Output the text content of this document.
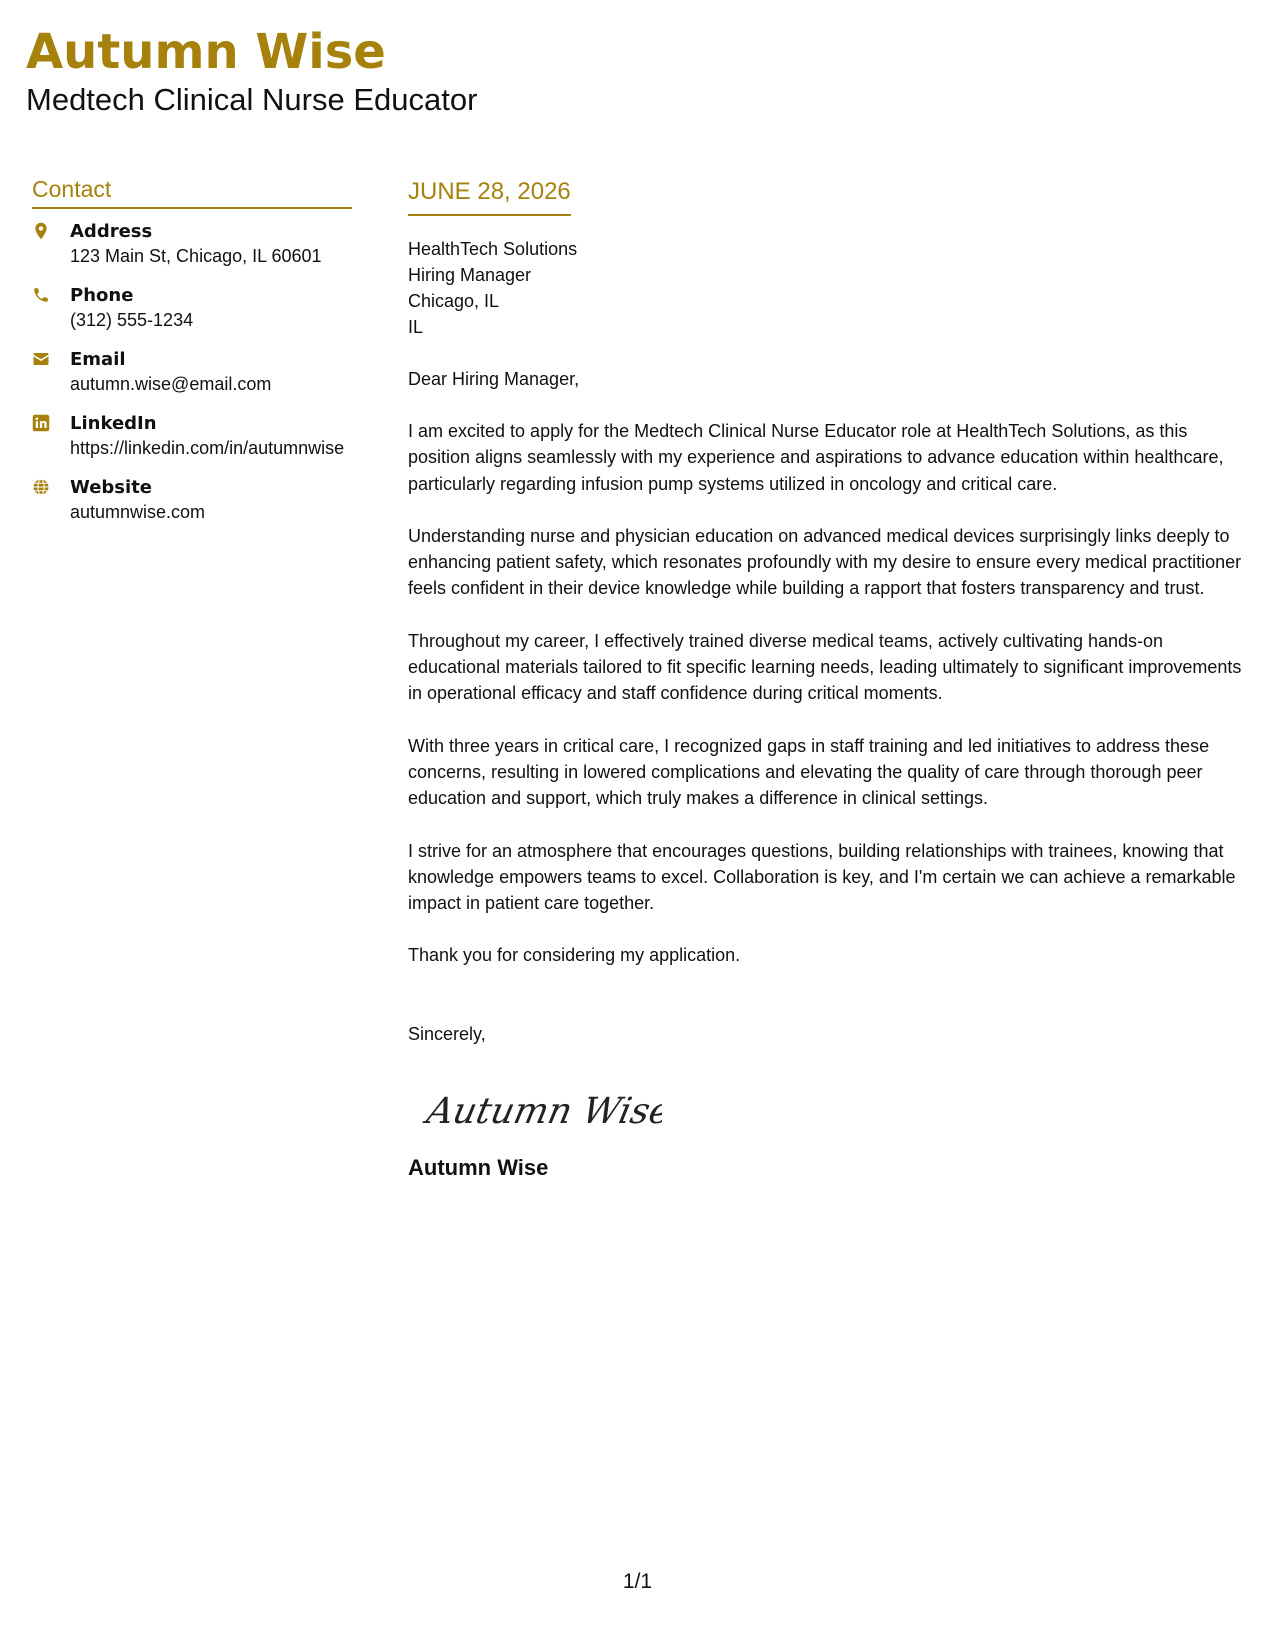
Autumn Wise
Medtech Clinical Nurse Educator
Contact
Address
123 Main St, Chicago, IL 60601
Phone
(312) 555-1234
Email
autumn.wise@email.com
LinkedIn
https://linkedin.com/in/autumnwise
Website
autumnwise.com
JUNE 28, 2026
HealthTech Solutions
Hiring Manager
Chicago, IL
IL
Dear Hiring Manager,
I am excited to apply for the Medtech Clinical Nurse Educator role at HealthTech Solutions, as this position aligns seamlessly with my experience and aspirations to advance education within healthcare, particularly regarding infusion pump systems utilized in oncology and critical care.
Understanding nurse and physician education on advanced medical devices surprisingly links deeply to enhancing patient safety, which resonates profoundly with my desire to ensure every medical practitioner feels confident in their device knowledge while building a rapport that fosters transparency and trust.
Throughout my career, I effectively trained diverse medical teams, actively cultivating hands-on educational materials tailored to fit specific learning needs, leading ultimately to significant improvements in operational efficacy and staff confidence during critical moments.
With three years in critical care, I recognized gaps in staff training and led initiatives to address these concerns, resulting in lowered complications and elevating the quality of care through thorough peer education and support, which truly makes a difference in clinical settings.
I strive for an atmosphere that encourages questions, building relationships with trainees, knowing that knowledge empowers teams to excel. Collaboration is key, and I'm certain we can achieve a remarkable impact in patient care together.
Thank you for considering my application.
Sincerely,
Autumn Wise
Autumn Wise
1/1
